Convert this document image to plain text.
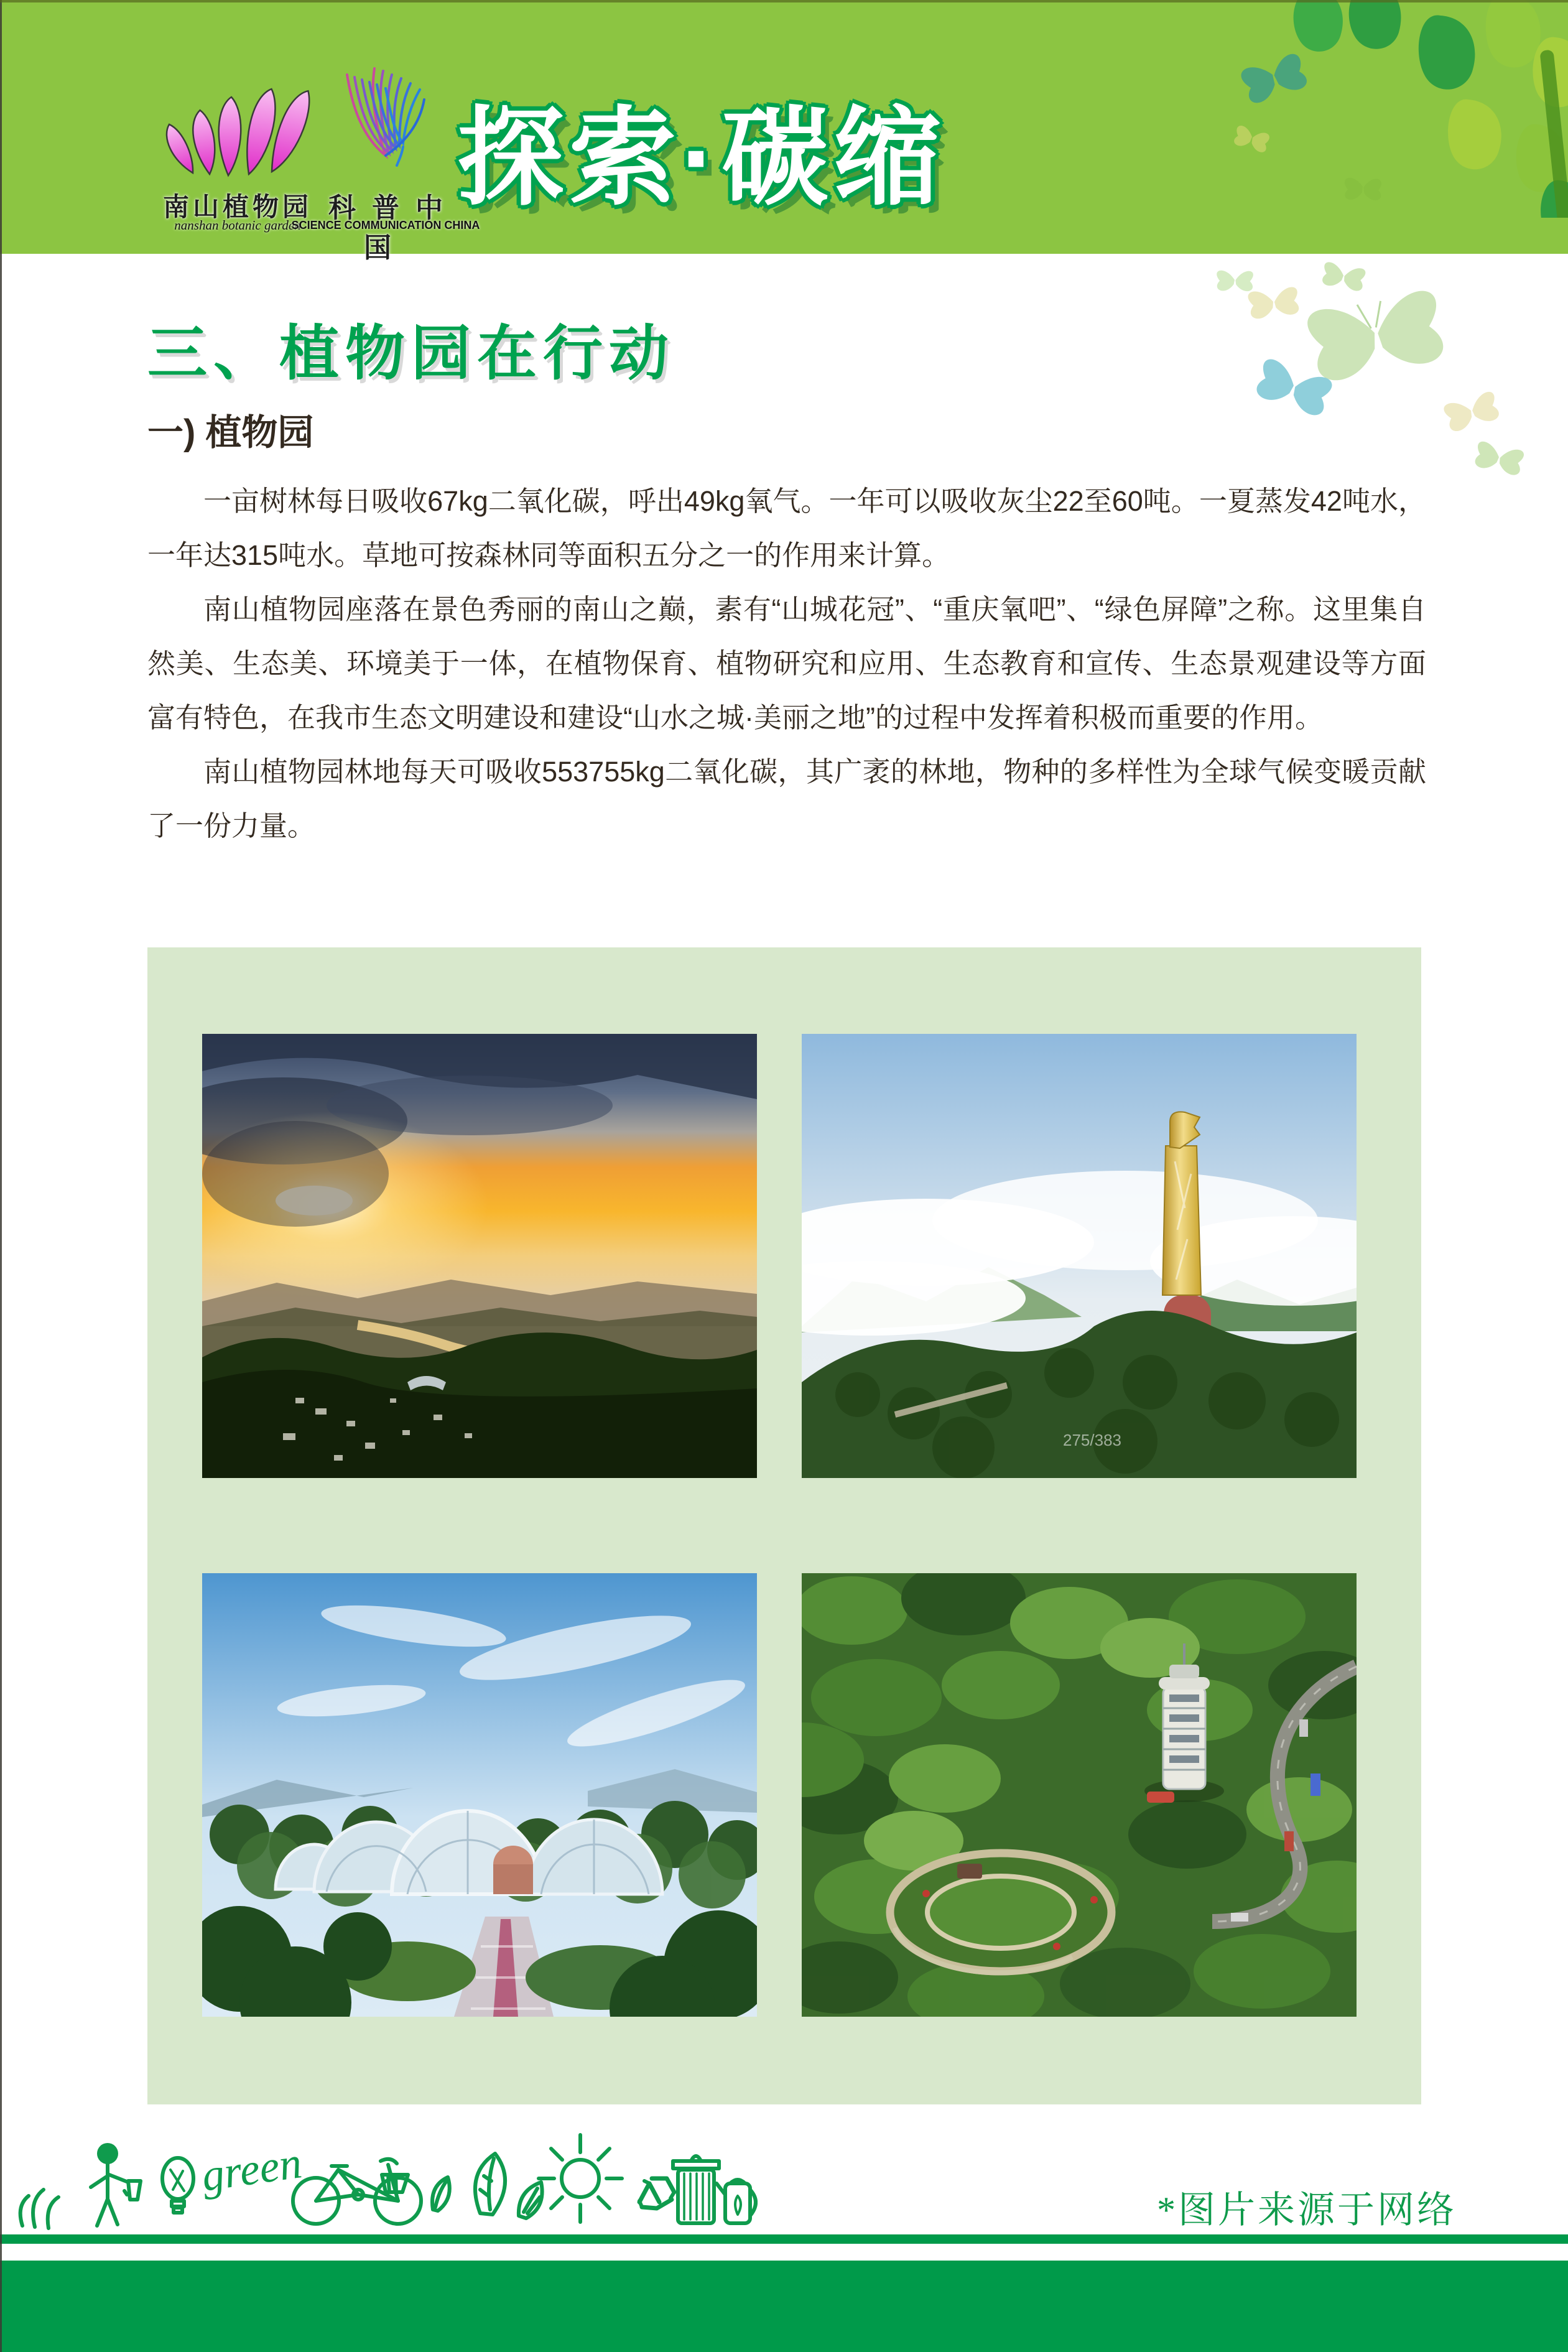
南山植物园
nanshan botanic garden
科普中国
SCIENCE COMMUNICATION CHINA
探索·碳缩
三、植物园在行动
一) 植物园

一亩树林每日吸收67kg二氧化碳，呼出49kg氧气。一年可以吸收灰尘22至60吨。一夏蒸发42吨水，一年达315吨水。草地可按森林同等面积五分之一的作用来计算。

南山植物园座落在景色秀丽的南山之巅，素有“山城花冠”、“重庆氧吧”、“绿色屏障”之称。这里集自然美、生态美、环境美于一体，在植物保育、植物研究和应用、生态教育和宣传、生态景观建设等方面富有特色，在我市生态文明建设和建设“山水之城·美丽之地”的过程中发挥着积极而重要的作用。

南山植物园林地每天可吸收553755kg二氧化碳，其广袤的林地，物种的多样性为全球气候变暖贡献了一份力量。

275/383
green
*图片来源于网络
